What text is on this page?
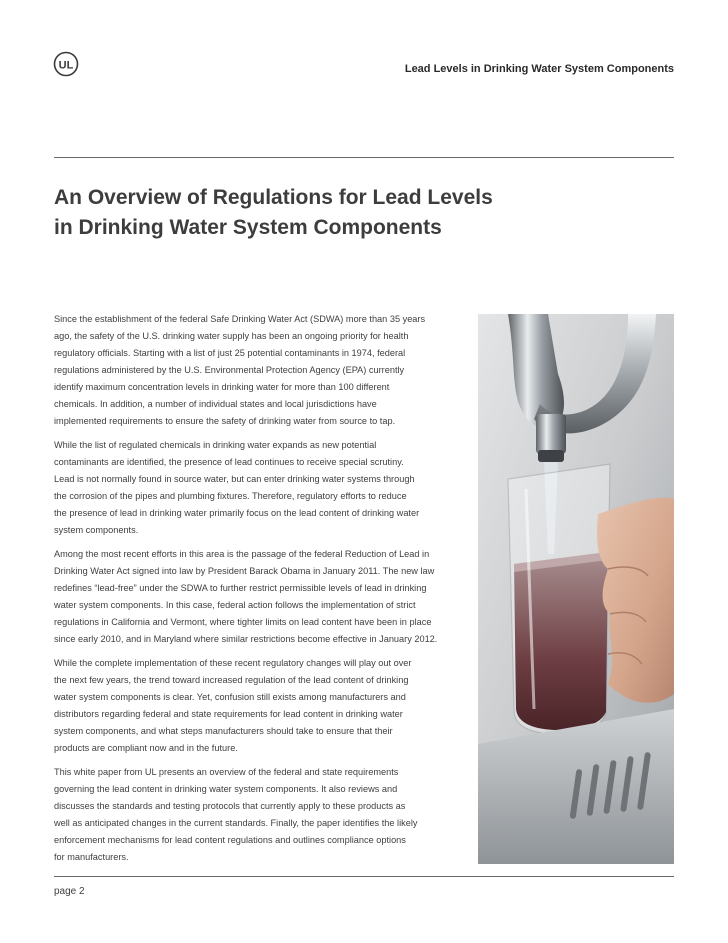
UL	Lead Levels in Drinking Water System Components
An Overview of Regulations for Lead Levels
in Drinking Water System Components

Since the establishment of the federal Safe Drinking Water Act (SDWA) more than 35 years
ago, the safety of the U.S. drinking water supply has been an ongoing priority for health
regulatory officials. Starting with a list of just 25 potential contaminants in 1974, federal
regulations administered by the U.S. Environmental Protection Agency (EPA) currently
identify maximum concentration levels in drinking water for more than 100 different
chemicals. In addition, a number of individual states and local jurisdictions have
implemented requirements to ensure the safety of drinking water from source to tap.

While the list of regulated chemicals in drinking water expands as new potential
contaminants are identified, the presence of lead continues to receive special scrutiny.
Lead is not normally found in source water, but can enter drinking water systems through
the corrosion of the pipes and plumbing fixtures. Therefore, regulatory efforts to reduce
the presence of lead in drinking water primarily focus on the lead content of drinking water
system components.

Among the most recent efforts in this area is the passage of the federal Reduction of Lead in
Drinking Water Act signed into law by President Barack Obama in January 2011. The new law
redefines “lead-free” under the SDWA to further restrict permissible levels of lead in drinking
water system components. In this case, federal action follows the implementation of strict
regulations in California and Vermont, where tighter limits on lead content have been in place
since early 2010, and in Maryland where similar restrictions become effective in January 2012.

While the complete implementation of these recent regulatory changes will play out over
the next few years, the trend toward increased regulation of the lead content of drinking
water system components is clear. Yet, confusion still exists among manufacturers and
distributors regarding federal and state requirements for lead content in drinking water
system components, and what steps manufacturers should take to ensure that their
products are compliant now and in the future.

This white paper from UL presents an overview of the federal and state requirements
governing the lead content in drinking water system components. It also reviews and
discusses the standards and testing protocols that currently apply to these products as
well as anticipated changes in the current standards. Finally, the paper identifies the likely
enforcement mechanisms for lead content regulations and outlines compliance options
for manufacturers.

page 2
